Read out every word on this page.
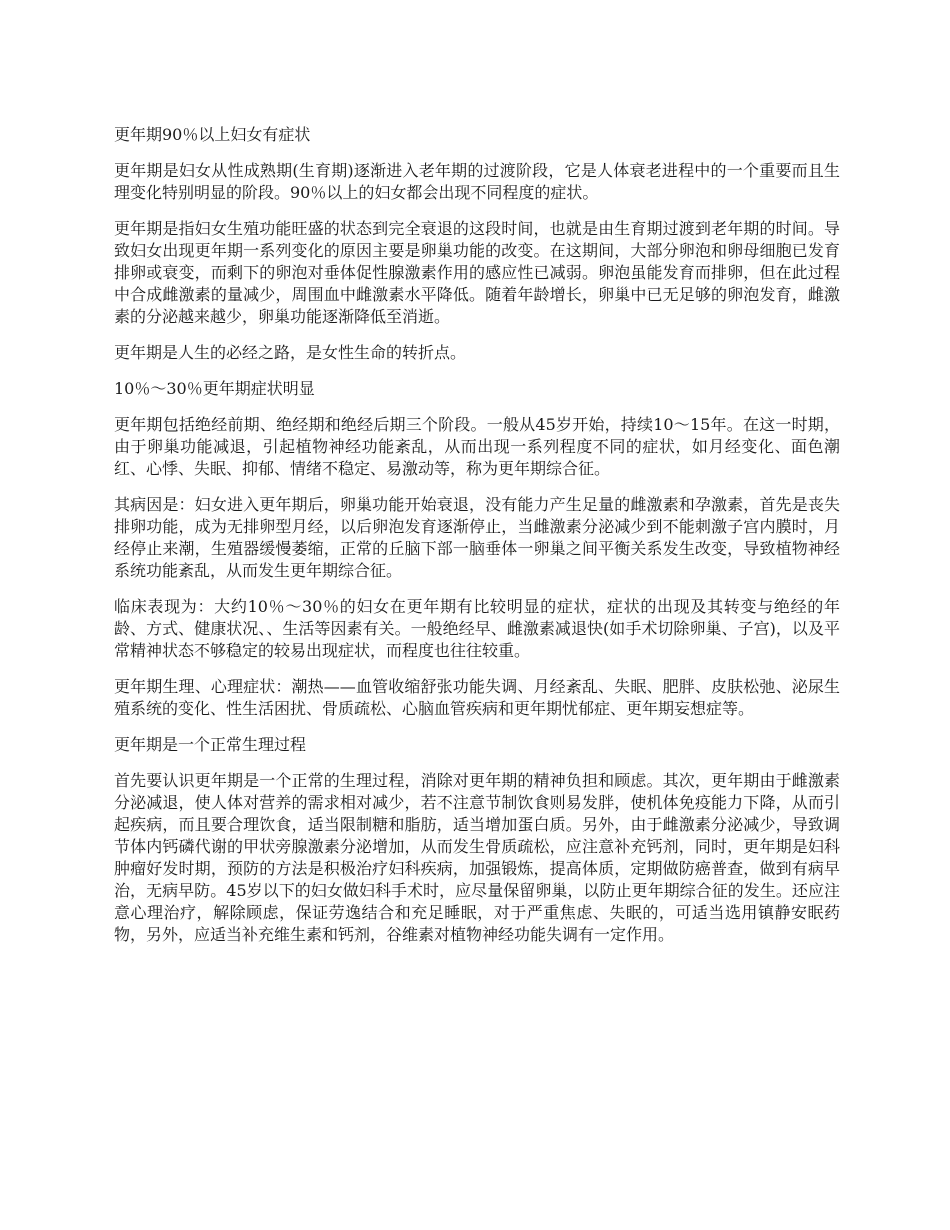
更年期90％以上妇女有症状

更年期是妇女从性成熟期(生育期)逐渐进入老年期的过渡阶段，它是人体衰老进程中的一个重要而且生理变化特别明显的阶段。90％以上的妇女都会出现不同程度的症状。

更年期是指妇女生殖功能旺盛的状态到完全衰退的这段时间，也就是由生育期过渡到老年期的时间。导致妇女出现更年期一系列变化的原因主要是卵巢功能的改变。在这期间，大部分卵泡和卵母细胞已发育排卵或衰变，而剩下的卵泡对垂体促性腺激素作用的感应性已减弱。卵泡虽能发育而排卵，但在此过程中合成雌激素的量减少，周围血中雌激素水平降低。随着年龄增长，卵巢中已无足够的卵泡发育，雌激素的分泌越来越少，卵巢功能逐渐降低至消逝。

更年期是人生的必经之路，是女性生命的转折点。

10％～30％更年期症状明显

更年期包括绝经前期、绝经期和绝经后期三个阶段。一般从45岁开始，持续10～15年。在这一时期，由于卵巢功能减退，引起植物神经功能紊乱，从而出现一系列程度不同的症状，如月经变化、面色潮红、心悸、失眠、抑郁、情绪不稳定、易激动等，称为更年期综合征。

其病因是：妇女进入更年期后，卵巢功能开始衰退，没有能力产生足量的雌激素和孕激素，首先是丧失排卵功能，成为无排卵型月经，以后卵泡发育逐渐停止，当雌激素分泌减少到不能刺激子宫内膜时，月经停止来潮，生殖器缓慢萎缩，正常的丘脑下部一脑垂体一卵巢之间平衡关系发生改变，导致植物神经系统功能紊乱，从而发生更年期综合征。

临床表现为：大约10％～30％的妇女在更年期有比较明显的症状，症状的出现及其转变与绝经的年龄、方式、健康状况、、生活等因素有关。一般绝经早、雌激素减退快(如手术切除卵巢、子宫)，以及平常精神状态不够稳定的较易出现症状，而程度也往往较重。

更年期生理、心理症状：潮热——血管收缩舒张功能失调、月经紊乱、失眠、肥胖、皮肤松弛、泌尿生殖系统的变化、性生活困扰、骨质疏松、心脑血管疾病和更年期忧郁症、更年期妄想症等。

更年期是一个正常生理过程

首先要认识更年期是一个正常的生理过程，消除对更年期的精神负担和顾虑。其次，更年期由于雌激素分泌减退，使人体对营养的需求相对减少，若不注意节制饮食则易发胖，使机体免疫能力下降，从而引起疾病，而且要合理饮食，适当限制糖和脂肪，适当增加蛋白质。另外，由于雌激素分泌减少，导致调节体内钙磷代谢的甲状旁腺激素分泌增加，从而发生骨质疏松，应注意补充钙剂，同时，更年期是妇科肿瘤好发时期，预防的方法是积极治疗妇科疾病，加强锻炼，提高体质，定期做防癌普查，做到有病早治，无病早防。45岁以下的妇女做妇科手术时，应尽量保留卵巢，以防止更年期综合征的发生。还应注意心理治疗，解除顾虑，保证劳逸结合和充足睡眠，对于严重焦虑、失眠的，可适当选用镇静安眠药物，另外，应适当补充维生素和钙剂，谷维素对植物神经功能失调有一定作用。
